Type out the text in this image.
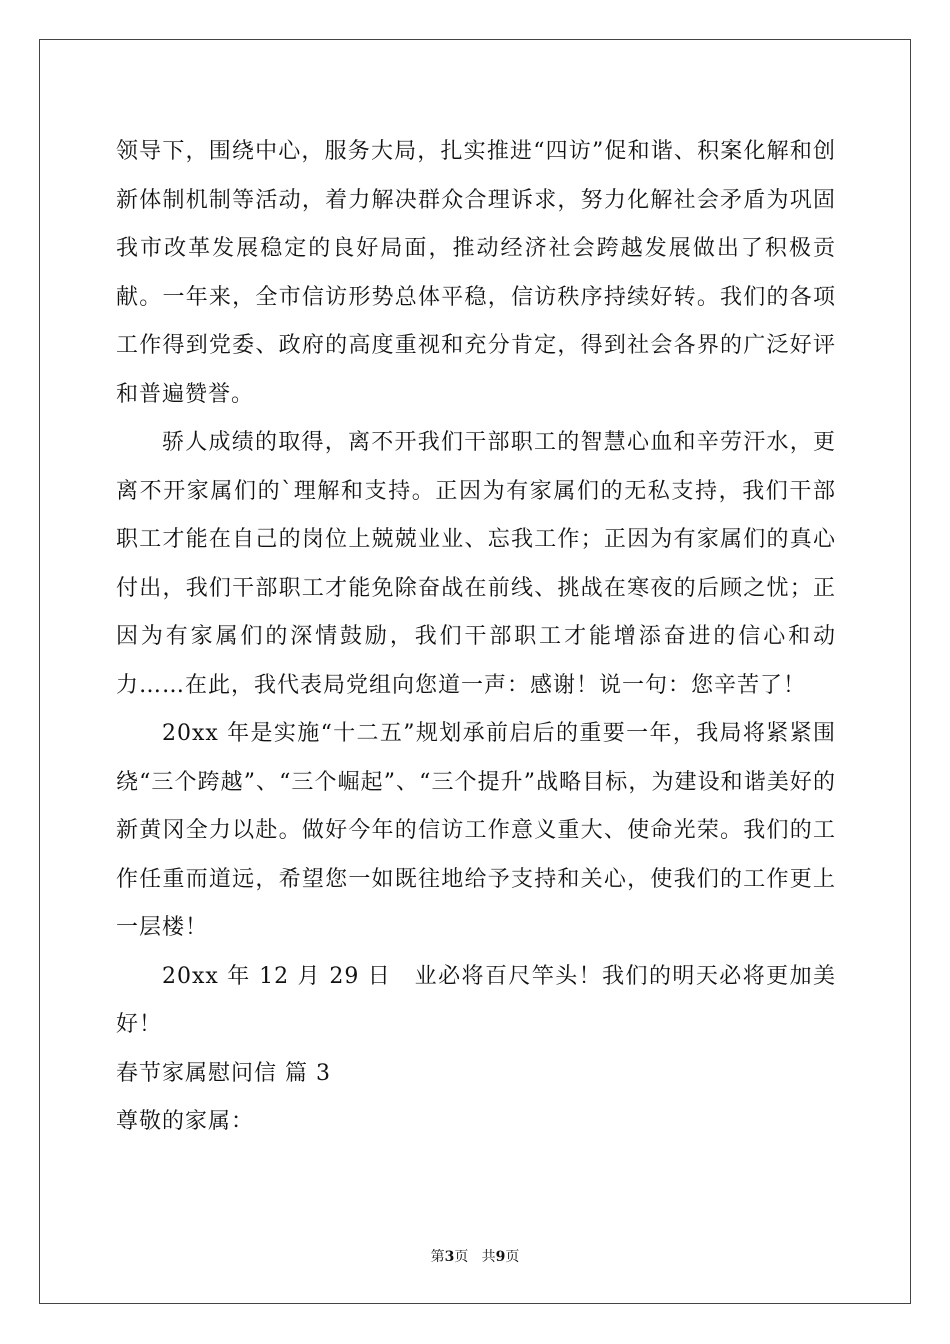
领导下，围绕中心，服务大局，扎实推进“四访”促和谐、积案化解和创新体制机制等活动，着力解决群众合理诉求，努力化解社会矛盾为巩固我市改革发展稳定的良好局面，推动经济社会跨越发展做出了积极贡献。一年来，全市信访形势总体平稳，信访秩序持续好转。我们的各项工作得到党委、政府的高度重视和充分肯定，得到社会各界的广泛好评和普遍赞誉。

骄人成绩的取得，离不开我们干部职工的智慧心血和辛劳汗水，更离不开家属们的`理解和支持。正因为有家属们的无私支持，我们干部职工才能在自己的岗位上兢兢业业、忘我工作；正因为有家属们的真心付出，我们干部职工才能免除奋战在前线、挑战在寒夜的后顾之忧；正因为有家属们的深情鼓励，我们干部职工才能增添奋进的信心和动力……在此，我代表局党组向您道一声：感谢！说一句：您辛苦了！

20xx 年是实施“十二五”规划承前启后的重要一年，我局将紧紧围绕“三个跨越”、“三个崛起”、“三个提升”战略目标，为建设和谐美好的新黄冈全力以赴。做好今年的信访工作意义重大、使命光荣。我们的工作任重而道远，希望您一如既往地给予支持和关心，使我们的工作更上一层楼！

20xx 年 12 月 29 日　业必将百尺竿头！我们的明天必将更加美好！

春节家属慰问信 篇 3

尊敬的家属：

第3页 共9页
